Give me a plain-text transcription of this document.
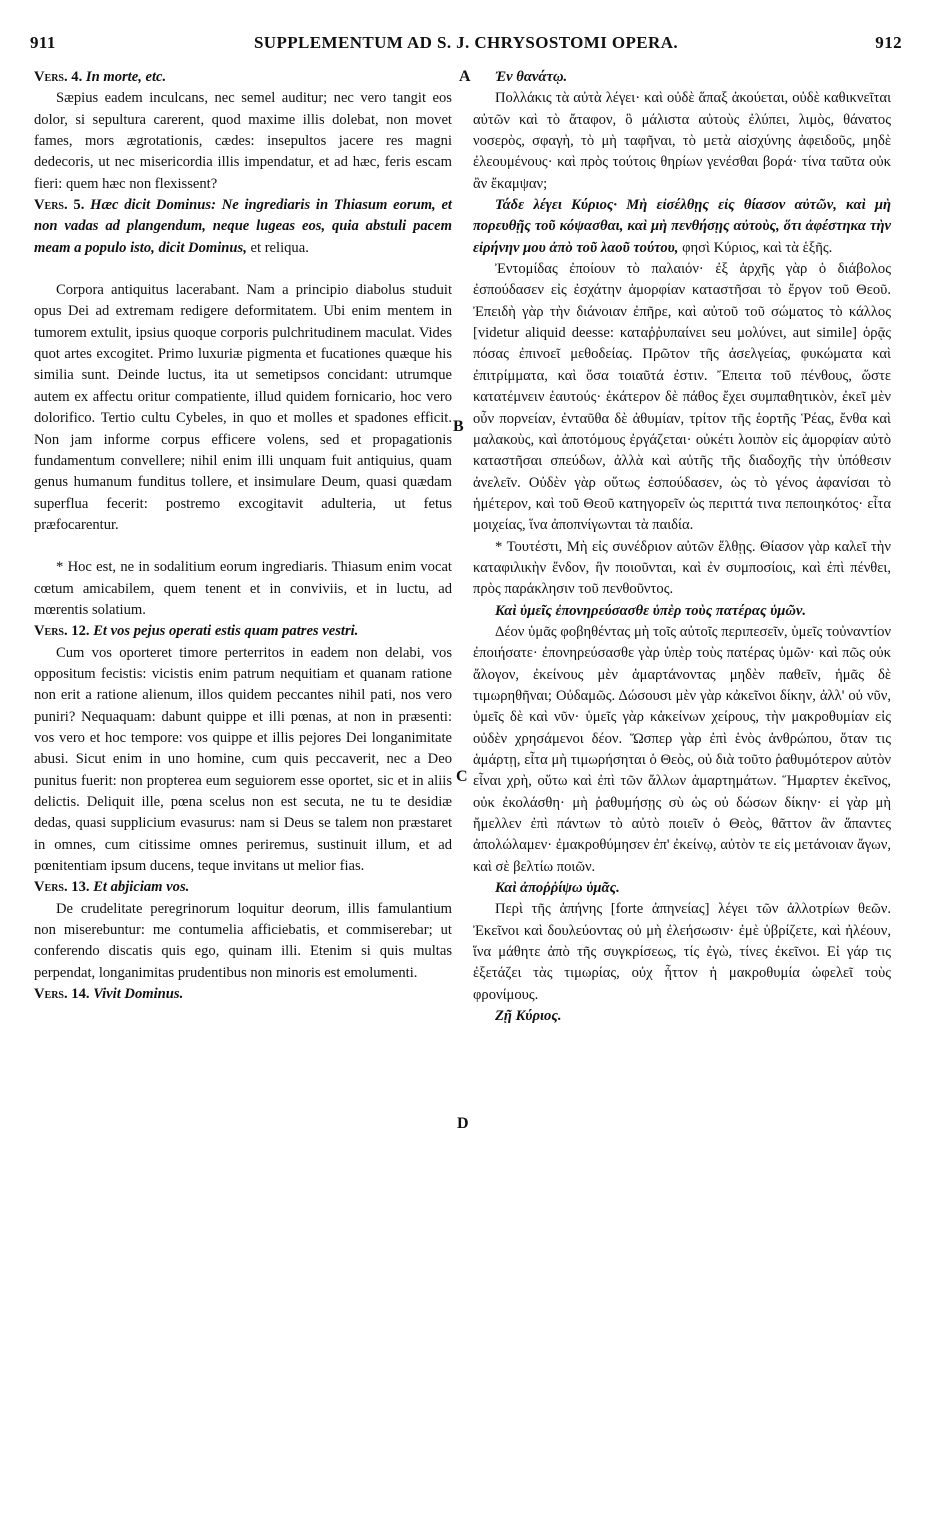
911	SUPPLEMENTUM AD S. J. CHRYSOSTOMI OPERA.	912
A
B
C
D

Vers. 4. In morte, etc.

Sæpius eadem inculcans, nec semel auditur; nec vero tangit eos dolor, si sepultura carerent, quod maxime illis dolebat, non movet fames, mors ægrotationis, cædes: insepultos jacere res magni dedecoris, ut nec misericordia illis impendatur, et ad hæc, feris escam fieri: quem hæc non flexissent?

Vers. 5. Hæc dicit Dominus: Ne ingrediaris in Thiasum eorum, et non vadas ad plangendum, neque lugeas eos, quia abstuli pacem meam a populo isto, dicit Dominus, et reliqua.

Corpora antiquitus lacerabant. Nam a principio diabolus studuit opus Dei ad extremam redigere deformitatem. Ubi enim mentem in tumorem extulit, ipsius quoque corporis pulchritudinem maculat. Vides quot artes excogitet. Primo luxuriæ pigmenta et fucationes quæque his similia sunt. Deinde luctus, ita ut semetipsos concidant: utrumque autem ex affectu oritur compatiente, illud quidem fornicario, hoc vero dolorifico. Tertio cultu Cybeles, in quo et molles et spadones efficit. Non jam informe corpus efficere volens, sed et propagationis fundamentum convellere; nihil enim illi unquam fuit antiquius, quam genus humanum funditus tollere, et insimulare Deum, quasi quædam superflua fecerit: postremo excogitavit adulteria, ut fetus præfocarentur.

* Hoc est, ne in sodalitium eorum ingrediaris. Thiasum enim vocat cœtum amicabilem, quem tenent et in conviviis, et in luctu, ad mœrentis solatium.

Vers. 12. Et vos pejus operati estis quam patres vestri.

Cum vos oporteret timore perterritos in eadem non delabi, vos oppositum fecistis: vicistis enim patrum nequitiam et quanam ratione non erit a ratione alienum, illos quidem peccantes nihil pati, nos vero puniri? Nequaquam: dabunt quippe et illi pœnas, at non in præsenti: vos vero et hoc tempore: vos quippe et illis pejores Dei longanimitate abusi. Sicut enim in uno homine, cum quis peccaverit, nec a Deo punitus fuerit: non propterea eum seguiorem esse oportet, sic et in aliis delictis. Deliquit ille, pœna scelus non est secuta, ne tu te desidiæ dedas, quasi supplicium evasurus: nam si Deus se talem non præstaret in omnes, cum citissime omnes periremus, sustinuit illum, et ad pœnitentiam ipsum ducens, teque invitans ut melior fias.

Vers. 13. Et abjiciam vos.

De crudelitate peregrinorum loquitur deorum, illis famulantium non miserebuntur: me contumelia afficiebatis, et commiserebar; ut conferendo discatis quis ego, quinam illi. Etenim si quis multas perpendat, longanimitas prudentibus non minoris est emolumenti.

Vers. 14. Vivit Dominus.

Ἐν θανάτῳ.

Πολλάκις τὰ αὐτὰ λέγει· καὶ οὐδὲ ἅπαξ ἀκούεται, οὐδὲ καθικνεῖται αὐτῶν καὶ τὸ ἄταφον, ὃ μάλιστα αὐτοὺς ἐλύπει, λιμὸς, θάνατος νοσερὸς, σφαγὴ, τὸ μὴ ταφῆναι, τὸ μετὰ αἰσχύνης ἀφειδοῦς, μηδὲ ἐλεουμένους· καὶ πρὸς τούτοις θηρίων γενέσθαι βορά· τίνα ταῦτα οὐκ ἂν ἔκαμψαν;

Τάδε λέγει Κύριος· Μὴ εἰσέλθῃς εἰς θίασον αὐτῶν, καὶ μὴ πορευθῇς τοῦ κόψασθαι, καὶ μὴ πενθήσῃς αὐτοὺς, ὅτι ἀφέστηκα τὴν εἰρήνην μου ἀπὸ τοῦ λαοῦ τούτου, φησὶ Κύριος, καὶ τὰ ἑξῆς.

Ἐντομίδας ἐποίουν τὸ παλαιόν· ἐξ ἀρχῆς γὰρ ὁ διάβολος ἐσπούδασεν εἰς ἐσχάτην ἀμορφίαν καταστῆσαι τὸ ἔργον τοῦ Θεοῦ. Ἐπειδὴ γὰρ τὴν διάνοιαν ἐπῆρε, καὶ αὐτοῦ τοῦ σώματος τὸ κάλλος [videtur aliquid deesse: καταῤῥυπαίνει seu μολύνει, aut simile] ὁρᾷς πόσας ἐπινοεῖ μεθοδείας. Πρῶτον τῆς ἀσελγείας, φυκώματα καὶ ἐπιτρίμματα, καὶ ὅσα τοιαῦτά ἐστιν. Ἔπειτα τοῦ πένθους, ὥστε κατατέμνειν ἑαυτούς· ἑκάτερον δὲ πάθος ἔχει συμπαθητικὸν, ἐκεῖ μὲν οὖν πορνείαν, ἐνταῦθα δὲ ἀθυμίαν, τρίτον τῆς ἑορτῆς Ῥέας, ἔνθα καὶ μαλακοὺς, καὶ ἀποτόμους ἐργάζεται· οὐκέτι λοιπὸν εἰς ἀμορφίαν αὐτὸ καταστῆσαι σπεύδων, ἀλλὰ καὶ αὐτῆς τῆς διαδοχῆς τὴν ὑπόθεσιν ἀνελεῖν. Οὐδὲν γὰρ οὕτως ἐσπούδασεν, ὡς τὸ γένος ἀφανίσαι τὸ ἡμέτερον, καὶ τοῦ Θεοῦ κατηγορεῖν ὡς περιττά τινα πεποιηκότος· εἶτα μοιχείας, ἵνα ἀποπνίγωνται τὰ παιδία.

* Τουτέστι, Μὴ εἰς συνέδριον αὐτῶν ἔλθῃς. Θίασον γὰρ καλεῖ τὴν καταφιλικὴν ἔνδον, ἣν ποιοῦνται, καὶ ἐν συμποσίοις, καὶ ἐπὶ πένθει, πρὸς παράκλησιν τοῦ πενθοῦντος.

Καὶ ὑμεῖς ἐπονηρεύσασθε ὑπὲρ τοὺς πατέρας ὑμῶν.

Δέον ὑμᾶς φοβηθέντας μὴ τοῖς αὐτοῖς περιπεσεῖν, ὑμεῖς τοὐναντίον ἐποιήσατε· ἐπονηρεύσασθε γὰρ ὑπὲρ τοὺς πατέρας ὑμῶν· καὶ πῶς οὐκ ἄλογον, ἐκείνους μὲν ἁμαρτάνοντας μηδὲν παθεῖν, ἡμᾶς δὲ τιμωρηθῆναι; Οὐδαμῶς. Δώσουσι μὲν γὰρ κἀκεῖνοι δίκην, ἀλλ' οὐ νῦν, ὑμεῖς δὲ καὶ νῦν· ὑμεῖς γὰρ κἀκείνων χείρους, τὴν μακροθυμίαν εἰς οὐδὲν χρησάμενοι δέον. Ὥσπερ γὰρ ἐπὶ ἑνὸς ἀνθρώπου, ὅταν τις ἁμάρτῃ, εἶτα μὴ τιμωρήσηται ὁ Θεὸς, οὐ διὰ τοῦτο ῥαθυμότερον αὐτὸν εἶναι χρὴ, οὕτω καὶ ἐπὶ τῶν ἄλλων ἁμαρτημάτων. Ἥμαρτεν ἐκεῖνος, οὐκ ἐκολάσθη· μὴ ῥαθυμήσῃς σὺ ὡς οὐ δώσων δίκην· εἰ γὰρ μὴ ἤμελλεν ἐπὶ πάντων τὸ αὐτὸ ποιεῖν ὁ Θεὸς, θᾶττον ἂν ἅπαντες ἀπολώλαμεν· ἐμακροθύμησεν ἐπ' ἐκείνῳ, αὐτὸν τε εἰς μετάνοιαν ἄγων, καὶ σὲ βελτίω ποιῶν.

Καὶ ἀποῤῥίψω ὑμᾶς.

Περὶ τῆς ἀπήνης [forte ἀπηνείας] λέγει τῶν ἀλλοτρίων θεῶν. Ἐκεῖνοι καὶ δουλεύοντας οὐ μὴ ἐλεήσωσιν· ἐμὲ ὑβρίζετε, καὶ ἠλέουν, ἵνα μάθητε ἀπὸ τῆς συγκρίσεως, τίς ἐγὼ, τίνες ἐκεῖνοι. Εἰ γάρ τις ἐξετάζει τὰς τιμωρίας, οὐχ ἧττον ἡ μακροθυμία ὠφελεῖ τοὺς φρονίμους.

Ζῇ Κύριος.
